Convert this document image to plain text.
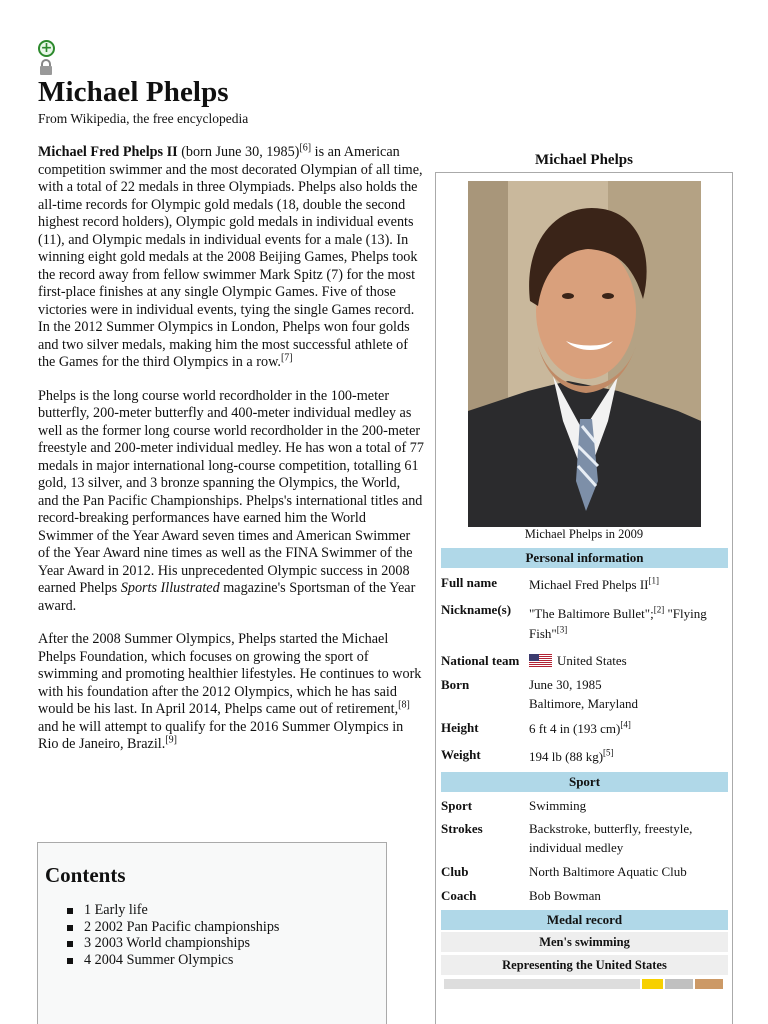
+
Michael Phelps
From Wikipedia, the free encyclopedia

Michael Fred Phelps II (born June 30, 1985)[6] is an American competition swimmer and the most decorated Olympian of all time, with a total of 22 medals in three Olympiads. Phelps also holds the all-time records for Olympic gold medals (18, double the second highest record holders), Olympic gold medals in individual events (11), and Olympic medals in individual events for a male (13). In winning eight gold medals at the 2008 Beijing Games, Phelps took the record away from fellow swimmer Mark Spitz (7) for the most first-place finishes at any single Olympic Games. Five of those victories were in individual events, tying the single Games record. In the 2012 Summer Olympics in London, Phelps won four golds and two silver medals, making him the most successful athlete of the Games for the third Olympics in a row.[7]

Phelps is the long course world recordholder in the 100-meter butterfly, 200-meter butterfly and 400-meter individual medley as well as the former long course world recordholder in the 200-meter freestyle and 200-meter individual medley. He has won a total of 77 medals in major international long-course competition, totalling 61 gold, 13 silver, and 3 bronze spanning the Olympics, the World, and the Pan Pacific Championships. Phelps's international titles and record-breaking performances have earned him the World Swimmer of the Year Award seven times and American Swimmer of the Year Award nine times as well as the FINA Swimmer of the Year Award in 2012. His unprecedented Olympic success in 2008 earned Phelps Sports Illustrated magazine's Sportsman of the Year award.

After the 2008 Summer Olympics, Phelps started the Michael Phelps Foundation, which focuses on growing the sport of swimming and promoting healthier lifestyles. He continues to work with his foundation after the 2012 Olympics, which he has said would be his last. In April 2014, Phelps came out of retirement,[8] and he will attempt to qualify for the 2016 Summer Olympics in Rio de Janeiro, Brazil.[9]

Contents
1 Early life
2 2002 Pan Pacific championships
3 2003 World championships
4 2004 Summer Olympics
Michael Phelps
Michael Phelps in 2009
Personal information
Full name Michael Fred Phelps II[1]
Nickname(s) "The Baltimore Bullet";[2] "Flying Fish"[3]
National team	United States
Born	June 30, 1985
Baltimore, Maryland
Height	6 ft 4 in (193 cm)[4]
Weight	194 lb (88 kg)[5]
Sport
Sport	Swimming
Strokes	Backstroke, butterfly, freestyle, individual medley
Club	North Baltimore Aquatic Club
Coach	Bob Bowman
Medal record
Men's swimming
Representing the United States
